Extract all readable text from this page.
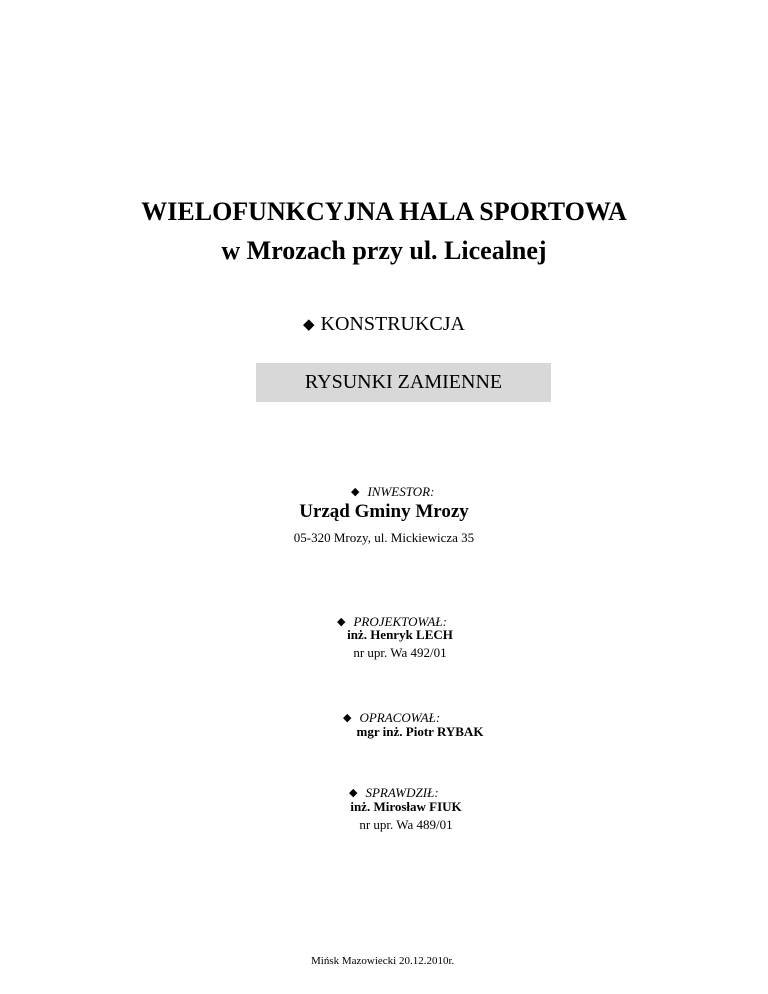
WIELOFUNKCYJNA HALA SPORTOWA
w Mrozach przy ul. Licealnej
◆ KONSTRUKCJA
RYSUNKI ZAMIENNE
◆ INWESTOR:
Urząd Gminy Mrozy
05-320 Mrozy, ul. Mickiewicza 35
◆ PROJEKTOWAŁ:
inż. Henryk LECH
nr upr. Wa 492/01
◆ OPRACOWAŁ:
mgr inż. Piotr RYBAK
◆ SPRAWDZIŁ:
inż. Mirosław FIUK
nr upr. Wa 489/01
Mińsk Mazowiecki 20.12.2010r.
